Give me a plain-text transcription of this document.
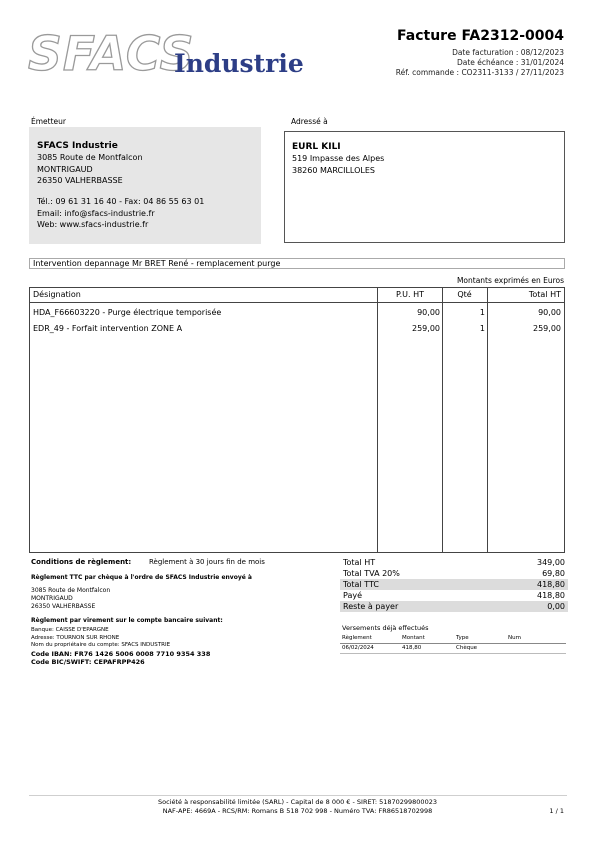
SFACS
Industrie
Facture FA2312-0004
Date facturation : 08/12/2023
Date échéance : 31/01/2024
Réf. commande : CO2311-3133 / 27/11/2023
Émetteur
SFACS Industrie
3085 Route de Montfalcon
MONTRIGAUD
26350 VALHERBASSE
Tél.: 09 61 31 16 40 - Fax: 04 86 55 63 01
Email: info@sfacs-industrie.fr
Web: www.sfacs-industrie.fr
Adressé à
EURL KILI
519 Impasse des Alpes
38260 MARCILLOLES
Intervention depannage Mr BRET René - remplacement purge
Montants exprimés en Euros
Désignation	P.U. HT	Qté	Total HT
HDA_F66603220 - Purge électrique temporisée	90,00	1	90,00
EDR_49 - Forfait intervention ZONE A	259,00	1	259,00
Conditions de règlement:	Règlement à 30 jours fin de mois
Règlement TTC par chèque à l'ordre de SFACS Industrie envoyé à
3085 Route de Montfalcon
MONTRIGAUD
26350 VALHERBASSE
Règlement par virement sur le compte bancaire suivant:
Banque: CAISSE D'EPARGNE
Adresse: TOURNON SUR RHONE
Nom du propriétaire du compte: SFACS INDUSTRIE
Code IBAN: FR76 1426 5006 0008 7710 9354 338
Code BIC/SWIFT: CEPAFRPP426
Total HT	349,00
Total TVA 20%	69,80
Total TTC	418,80
Payé	418,80
Reste à payer	0,00
Versements déjà effectués
Règlement	Montant	Type	Num
06/02/2024	418,80	Chèque
Société à responsabilité limitée (SARL) - Capital de 8 000 € - SIRET: 51870299800023
NAF-APE: 4669A - RCS/RM: Romans B 518 702 998 - Numéro TVA: FR86518702998	1 / 1
